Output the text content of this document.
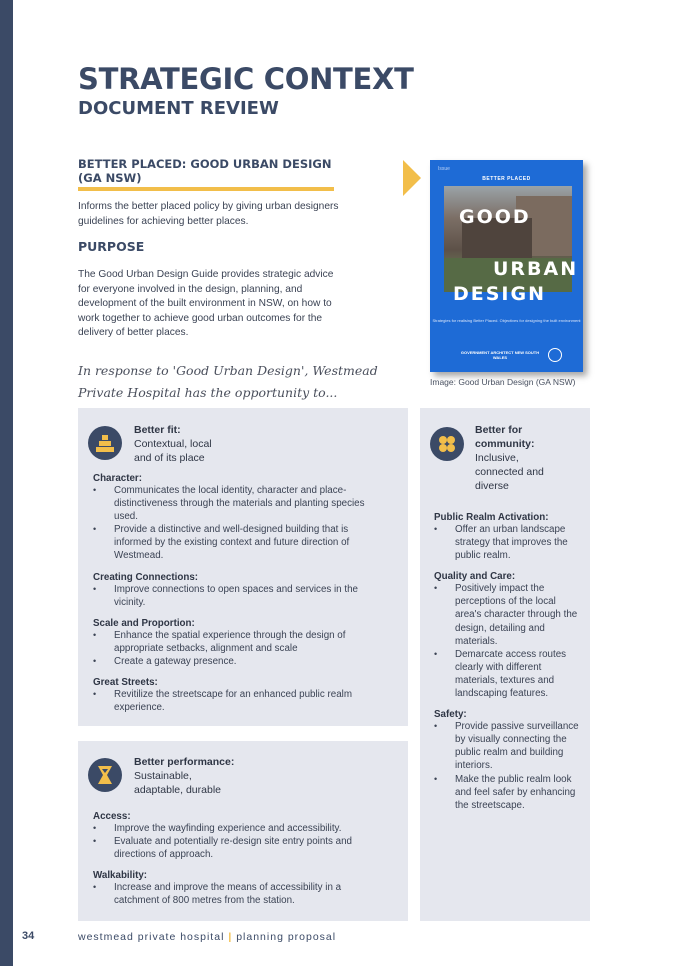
STRATEGIC CONTEXT
DOCUMENT REVIEW
BETTER PLACED: GOOD URBAN DESIGN (GA NSW)

Informs the better placed policy by giving urban designers guidelines for achieving better places.

PURPOSE

The Good Urban Design Guide provides strategic advice for everyone involved in the design, planning, and development of the built environment in NSW, on how to work together to achieve good urban outcomes for the delivery of better places.

In response to 'Good Urban Design', Westmead Private Hospital has the opportunity to...
Issue
BETTER PLACED
GOOD
URBAN
DESIGN
Strategies for realising Better Placed. Objectives for designing the built environment
GOVERNMENT ARCHITECT NEW SOUTH WALES
Image: Good Urban Design (GA NSW)
Better fit:
Contextual, local
and of its place
Character:
• Communicates the local identity, character and place-distinctiveness through the materials and planting species used.
• Provide a distinctive and well-designed building that is informed by the existing context and future direction of Westmead.
Creating Connections:
• Improve connections to open spaces and services in the vicinity.
Scale and Proportion:
• Enhance the spatial experience through the design of appropriate setbacks, alignment and scale
• Create a gateway presence.
Great Streets:
• Revitilize the streetscape for an enhanced public realm experience.
Better performance:
Sustainable,
adaptable, durable
Access:
• Improve the wayfinding experience and accessibility.
• Evaluate and potentially re-design site entry points and directions of approach.
Walkability:
• Increase and improve the means of accessibility in a catchment of 800 metres from the station.
Better for
community:
Inclusive,
connected and
diverse
Public Realm Activation:
• Offer an urban landscape strategy that improves the public realm.
Quality and Care:
• Positively impact the perceptions of the local area's character through the design, detailing and materials.
• Demarcate access routes clearly with different materials, textures and landscaping features.
Safety:
• Provide passive surveillance by visually connecting the public realm and building interiors.
• Make the public realm look and feel safer by enhancing the streetscape.
34	westmead private hospital | planning proposal
